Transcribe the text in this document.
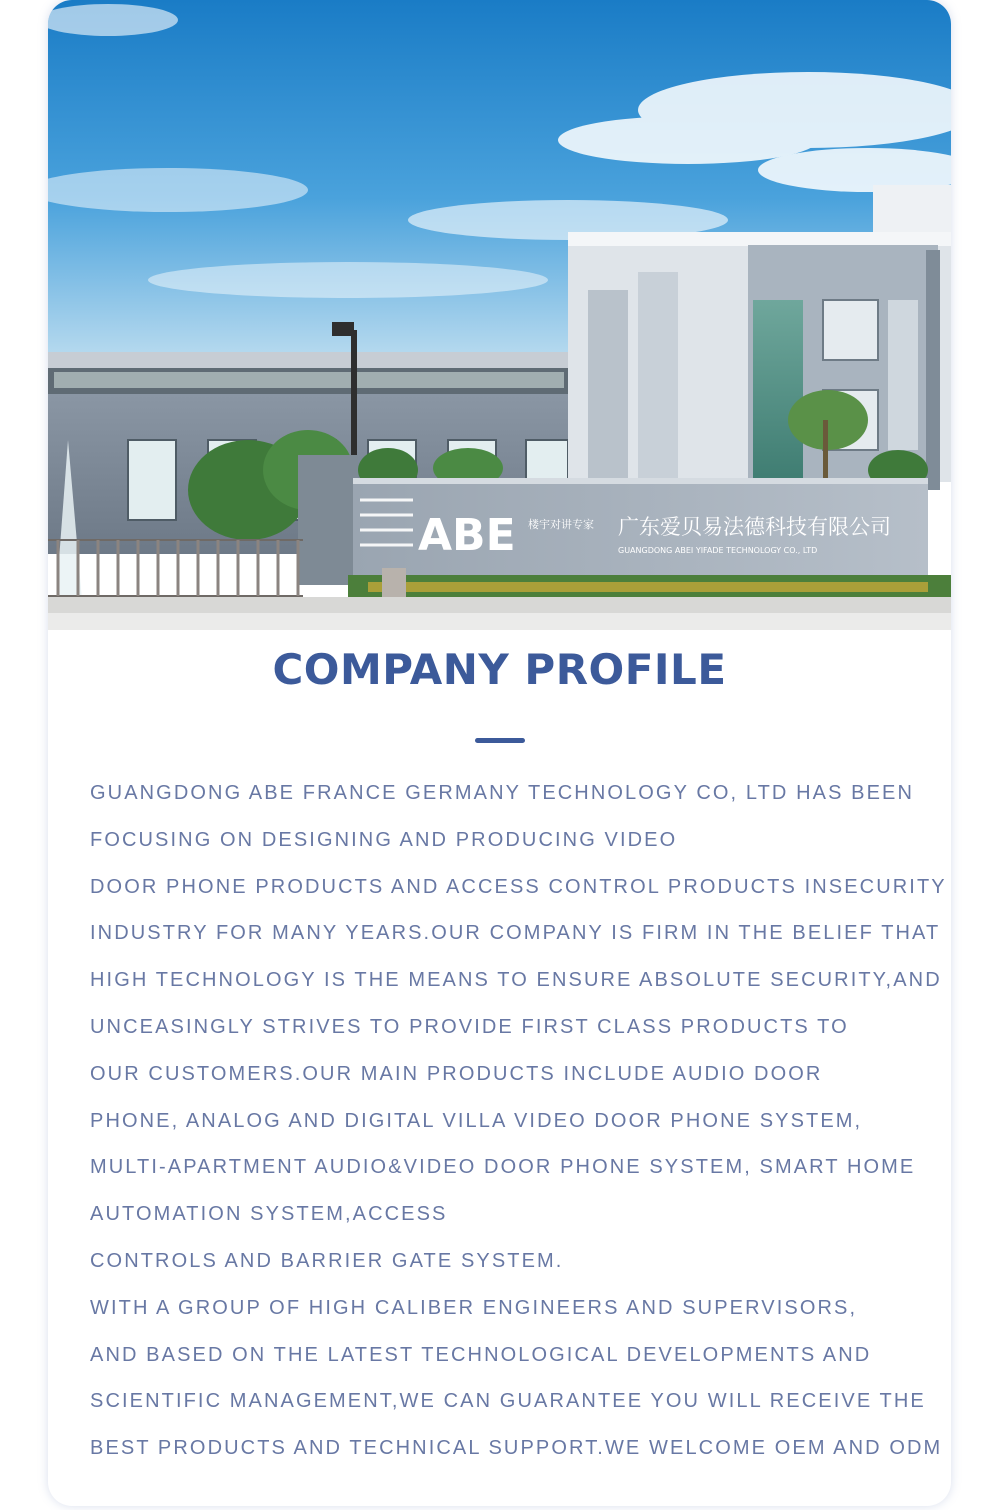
ABE 楼宇对讲专家 广东爱贝易法德科技有限公司
GUANGDONG ABEI YIFADE TECHNOLOGY CO., LTD
COMPANY PROFILE
GUANGDONG ABE FRANCE GERMANY TECHNOLOGY CO, LTD HAS BEEN
FOCUSING ON DESIGNING AND PRODUCING VIDEO
DOOR PHONE PRODUCTS AND ACCESS CONTROL PRODUCTS INSECURITY
INDUSTRY FOR MANY YEARS.OUR COMPANY IS FIRM IN THE BELIEF THAT
HIGH TECHNOLOGY IS THE MEANS TO ENSURE ABSOLUTE SECURITY,AND
UNCEASINGLY STRIVES TO PROVIDE FIRST CLASS PRODUCTS TO
OUR CUSTOMERS.OUR MAIN PRODUCTS INCLUDE AUDIO DOOR
PHONE, ANALOG AND DIGITAL VILLA VIDEO DOOR PHONE SYSTEM,
MULTI-APARTMENT AUDIO&VIDEO DOOR PHONE SYSTEM, SMART HOME
AUTOMATION SYSTEM,ACCESS
CONTROLS AND BARRIER GATE SYSTEM.
WITH A GROUP OF HIGH CALIBER ENGINEERS AND SUPERVISORS,
AND BASED ON THE LATEST TECHNOLOGICAL DEVELOPMENTS AND
SCIENTIFIC MANAGEMENT,WE CAN GUARANTEE YOU WILL RECEIVE THE
BEST PRODUCTS AND TECHNICAL SUPPORT.WE WELCOME OEM AND ODM
